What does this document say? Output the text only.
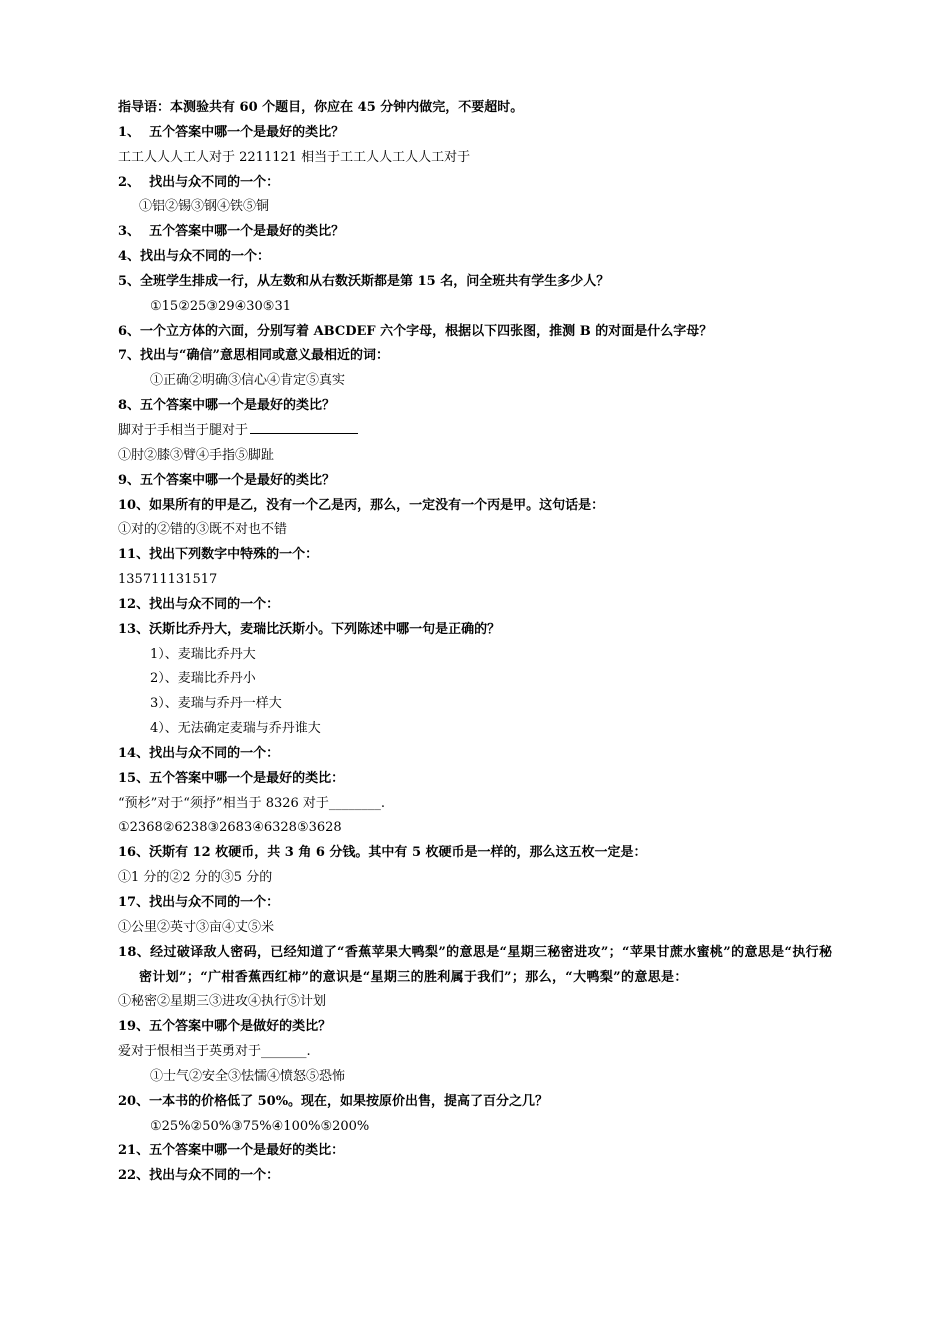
指导语：本测验共有 60 个题目，你应在 45 分钟内做完，不要超时。
1、  五个答案中哪一个是最好的类比？
工工人人人工人对于 2211121 相当于工工人人工人人工对于
2、  找出与众不同的一个：
①铝②锡③钢④铁⑤铜
3、  五个答案中哪一个是最好的类比？
4、找出与众不同的一个：
5、全班学生排成一行，从左数和从右数沃斯都是第 15 名，问全班共有学生多少人？
①15②25③29④30⑤31
6、一个立方体的六面，分别写着 ABCDEF 六个字母，根据以下四张图，推测 B 的对面是什么字母？
7、找出与“确信”意思相同或意义最相近的词：
①正确②明确③信心④肯定⑤真实
8、五个答案中哪一个是最好的类比？
脚对于手相当于腿对于
①肘②膝③臂④手指⑤脚趾
9、五个答案中哪一个是最好的类比？
10、如果所有的甲是乙，没有一个乙是丙，那么，一定没有一个丙是甲。这句话是：
①对的②错的③既不对也不错
11、找出下列数字中特殊的一个：
135711131517
12、找出与众不同的一个：
13、沃斯比乔丹大，麦瑞比沃斯小。下列陈述中哪一句是正确的？
1）、麦瑞比乔丹大
2）、麦瑞比乔丹小
3）、麦瑞与乔丹一样大
4）、无法确定麦瑞与乔丹谁大
14、找出与众不同的一个：
15、五个答案中哪一个是最好的类比：
“预杉”对于“须抒”相当于 8326 对于________.
①2368②6238③2683④6328⑤3628
16、沃斯有 12 枚硬币，共 3 角 6 分钱。其中有 5 枚硬币是一样的，那么这五枚一定是：
①1 分的②2 分的③5 分的
17、找出与众不同的一个：
①公里②英寸③亩④丈⑤米
18、经过破译敌人密码，已经知道了“香蕉苹果大鸭梨”的意思是“星期三秘密进攻”；“苹果甘蔗水蜜桃”的意思是“执行秘密计划”；“广柑香蕉西红柿”的意识是“星期三的胜利属于我们”；那么，“大鸭梨”的意思是：
①秘密②星期三③进攻④执行⑤计划
19、五个答案中哪个是做好的类比？
爱对于恨相当于英勇对于_______.
①士气②安全③怯懦④愤怒⑤恐怖
20、一本书的价格低了 50%。现在，如果按原价出售，提高了百分之几？
①25%②50%③75%④100%⑤200%
21、五个答案中哪一个是最好的类比：
22、找出与众不同的一个：
